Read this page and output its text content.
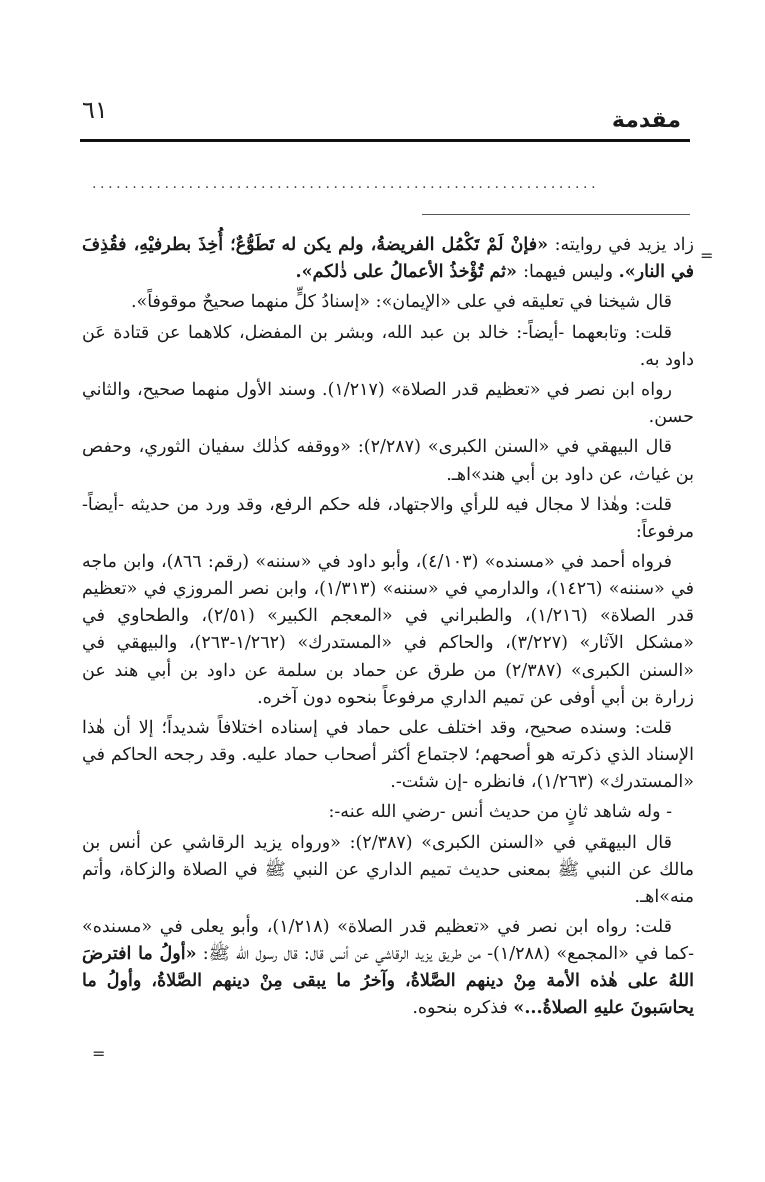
٦١	مقدمة
...............................................................
=

زاد يزيد في روايته: «فإنْ لَمْ تَكْمُل الفريضةُ، ولم يكن له تَطَوُّعٌ؛ أُخِذَ بطرفيْهِ، فقُذِفَ في النار». وليس فيهما: «ثم تُؤْخذُ الأعمالُ على ذٰلكم».

قال شيخنا في تعليقه في على «الإيمان»: «إسنادُ كلٍّ منهما صحيحٌ موقوفاً».

قلت: وتابعهما -أيضاً-: خالد بن عبد الله، وبشر بن المفضل، كلاهما عن قتادة عَن داود به.

رواه ابن نصر في «تعظيم قدر الصلاة» (١/٢١٧). وسند الأول منهما صحيح، والثاني حسن.

قال البيهقي في «السنن الكبرى» (٢/٢٨٧): «ووقفه كذٰلك سفيان الثوري، وحفص بن غياث، عن داود بن أبي هند»اهـ.

قلت: وهٰذا لا مجال فيه للرأي والاجتهاد، فله حكم الرفع، وقد ورد من حديثه -أيضاً- مرفوعاً:

فرواه أحمد في «مسنده» (٤/١٠٣)، وأبو داود في «سننه» (رقم: ٨٦٦)، وابن ماجه في «سننه» (١٤٢٦)، والدارمي في «سننه» (١/٣١٣)، وابن نصر المروزي في «تعظيم قدر الصلاة» (١/٢١٦)، والطبراني في «المعجم الكبير» (٢/٥١)، والطحاوي في «مشكل الآثار» (٣/٢٢٧)، والحاكم في «المستدرك» (١/٢٦٢-٢٦٣)، والبيهقي في «السنن الكبرى» (٢/٣٨٧) من طرق عن حماد بن سلمة عن داود بن أبي هند عن زرارة بن أبي أوفى عن تميم الداري مرفوعاً بنحوه دون آخره.

قلت: وسنده صحيح، وقد اختلف على حماد في إسناده اختلافاً شديداً؛ إلا أن هٰذا الإسناد الذي ذكرته هو أصحهم؛ لاجتماع أكثر أصحاب حماد عليه. وقد رجحه الحاكم في «المستدرك» (١/٢٦٣)، فانظره -إن شئت-.

- وله شاهد ثانٍ من حديث أنس -رضي الله عنه-:

قال البيهقي في «السنن الكبرى» (٢/٣٨٧): «ورواه يزيد الرقاشي عن أنس بن مالك عن النبي ﷺ بمعنى حديث تميم الداري عن النبي ﷺ في الصلاة والزكاة، وأتم منه»اهـ.

قلت: رواه ابن نصر في «تعظيم قدر الصلاة» (١/٢١٨)، وأبو يعلى في «مسنده» -كما في «المجمع» (١/٢٨٨)- من طريق يزيد الرقاشي عن أنس قال: قال رسول الله ﷺ: «أولُ ما افترضَ اللهُ على هٰذه الأمة مِنْ دينهم الصَّلاةُ، وآخرُ ما يبقى مِنْ دينهم الصَّلاةُ، وأولُ ما يحاسَبونَ عليهِ الصلاةُ...» فذكره بنحوه.

=
